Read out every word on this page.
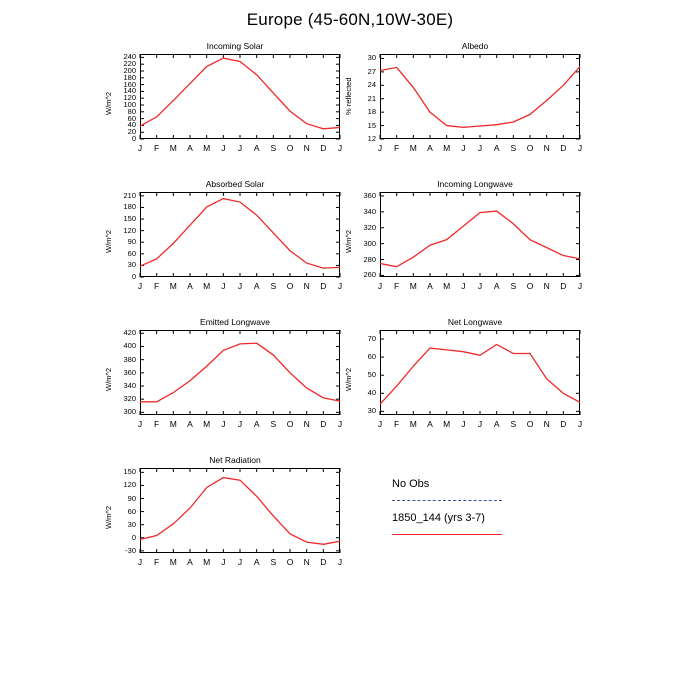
Europe (45-60N,10W-30E)
Incoming Solar
W/m^2
0
20
40
60
80
100
120
140
160
180
200
220
240
J	F	M	A	M	J	J	A	S	O	N	D	J
Albedo
% reflected
12
15
18
21
24
27
30
J	F	M	A	M	J	J	A	S	O	N	D	J
Absorbed Solar
W/m^2
0
30
60
90
120
150
180
210
J	F	M	A	M	J	J	A	S	O	N	D	J
Incoming Longwave
W/m^2
260
280
300
320
340
360
J	F	M	A	M	J	J	A	S	O	N	D	J
Emitted Longwave
W/m^2
300
320
340
360
380
400
420
J	F	M	A	M	J	J	A	S	O	N	D	J
Net Longwave
W/m^2
30
40
50
60
70
J	F	M	A	M	J	J	A	S	O	N	D	J
Net Radiation
W/m^2
-30
0
30
60
90
120
150
J	F	M	A	M	J	J	A	S	O	N	D	J
No Obs
1850_144 (yrs 3-7)
